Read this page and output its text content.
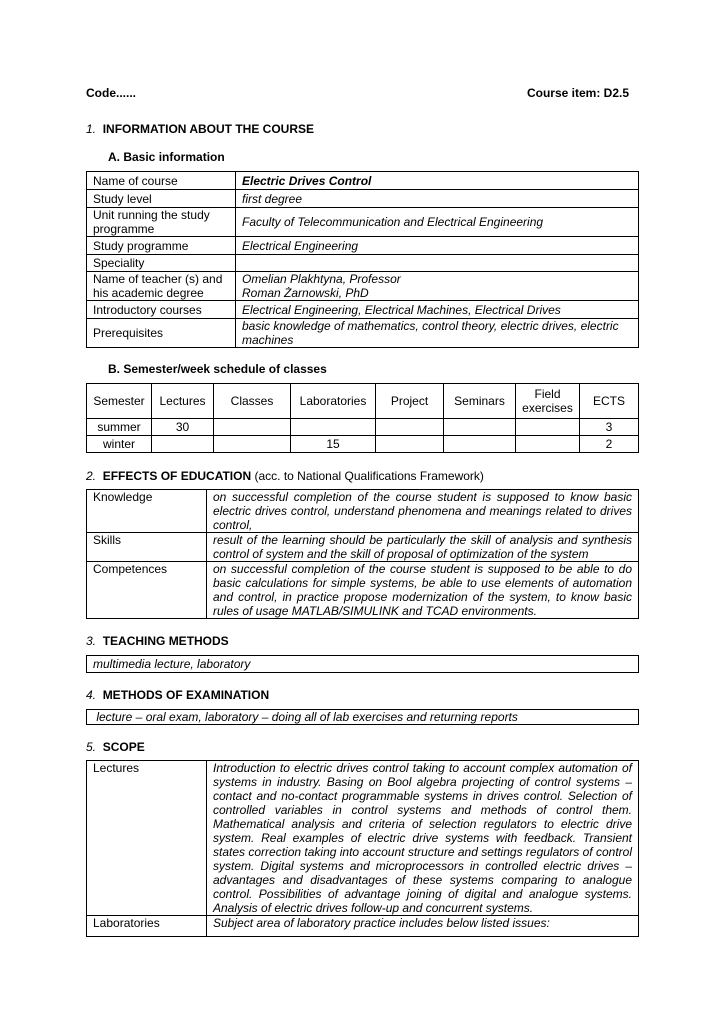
Code......	Course item: D2.5
1. INFORMATION ABOUT THE COURSE
A. Basic information
Name of course	Electric Drives Control
Study level	first degree
Unit running the study programme	Faculty of Telecommunication and Electrical Engineering
Study programme	Electrical Engineering
Speciality	
Name of teacher (s) and his academic degree	Omelian Plakhtyna, Professor
Roman Żarnowski, PhD

Introductory courses	Electrical Engineering, Electrical Machines, Electrical Drives
Prerequisites	basic knowledge of mathematics, control theory, electric drives, electric machines
B. Semester/week schedule of classes
Semester	Lectures	Classes	Laboratories	Project	Seminars	Field exercises	ECTS
summer	30						3
winter			15				2
2. EFFECTS OF EDUCATION (acc. to National Qualifications Framework)
Knowledge	on successful completion of the course student is supposed to know basic electric drives control, understand phenomena and meanings related to drives control,
Skills	result of the learning should be particularly the skill of analysis and synthesis control of system and the skill of proposal of optimization of the system
Competences	on successful completion of the course student is supposed to be able to do basic calculations for simple systems, be able to use elements of automation and control, in practice propose modernization of the system, to know basic rules of usage MATLAB/SIMULINK and TCAD environments.
3. TEACHING METHODS
multimedia lecture, laboratory
4. METHODS OF EXAMINATION
lecture – oral exam, laboratory – doing all of lab exercises and returning reports
5. SCOPE
Lectures	Introduction to electric drives control taking to account complex automation of systems in industry. Basing on Bool algebra projecting of control systems – contact and no-contact programmable systems in drives control. Selection of controlled variables in control systems and methods of control them. Mathematical analysis and criteria of selection regulators to electric drive system. Real examples of electric drive systems with feedback. Transient states correction taking into account structure and settings regulators of control system. Digital systems and microprocessors in controlled electric drives – advantages and disadvantages of these systems comparing to analogue control. Possibilities of advantage joining of digital and analogue systems. Analysis of electric drives follow-up and concurrent systems.
Laboratories	Subject area of laboratory practice includes below listed issues:
